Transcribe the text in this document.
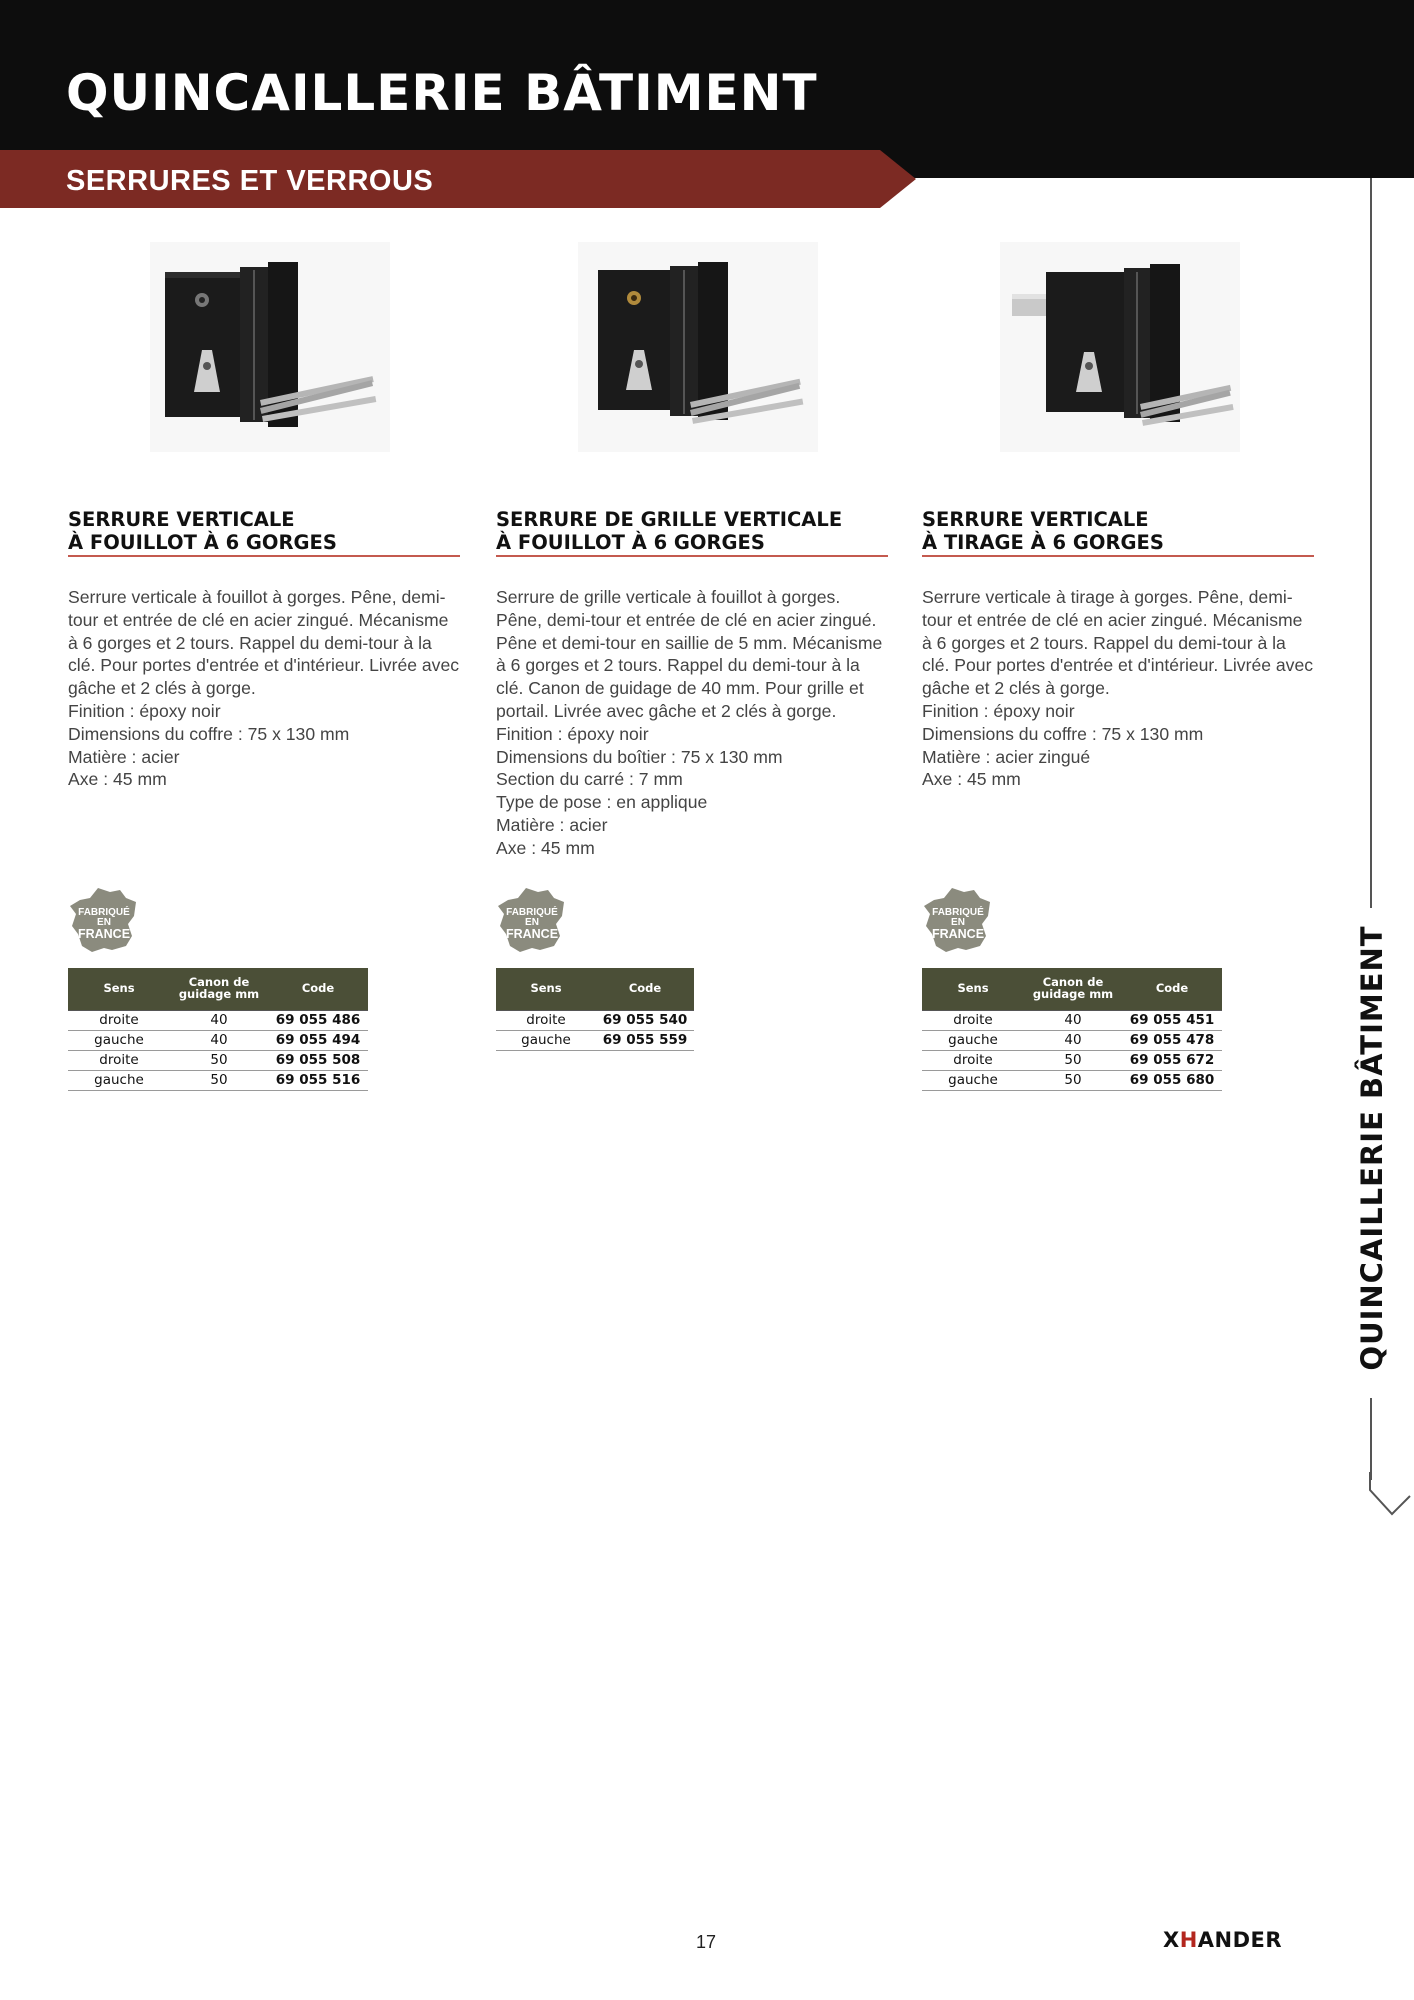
QUINCAILLERIE BÂTIMENT
SERRURES ET VERROUS
SERRURE VERTICALE
À FOUILLOT À 6 GORGES
Serrure verticale à fouillot à gorges. Pêne, demi-tour et entrée de clé en acier zingué. Mécanisme à 6 gorges et 2 tours. Rappel du demi-tour à la clé. Pour portes d'entrée et d'intérieur. Livrée avec gâche et 2 clés à gorge.
Finition : époxy noir
Dimensions du coffre : 75 x 130 mm
Matière : acier
Axe : 45 mm
FABRIQUÉ
EN
FRANCE
Sens	Canon de guidage mm	Code
droite	40	69 055 486
gauche	40	69 055 494
droite	50	69 055 508
gauche	50	69 055 516
SERRURE DE GRILLE VERTICALE
À FOUILLOT À 6 GORGES
Serrure de grille verticale à fouillot à gorges. Pêne, demi-tour et entrée de clé en acier zingué. Pêne et demi-tour en saillie de 5 mm. Mécanisme à 6 gorges et 2 tours. Rappel du demi-tour à la clé. Canon de guidage de 40 mm. Pour grille et portail. Livrée avec gâche et 2 clés à gorge.
Finition : époxy noir
Dimensions du boîtier : 75 x 130 mm
Section du carré : 7 mm
Type de pose : en applique
Matière : acier
Axe : 45 mm
FABRIQUÉ
EN
FRANCE
Sens	Code
droite	69 055 540
gauche	69 055 559
SERRURE VERTICALE
À TIRAGE À 6 GORGES
Serrure verticale à tirage à gorges. Pêne, demi-tour et entrée de clé en acier zingué. Mécanisme à 6 gorges et 2 tours. Rappel du demi-tour à la clé. Pour portes d'entrée et d'intérieur. Livrée avec gâche et 2 clés à gorge.
Finition : époxy noir
Dimensions du coffre : 75 x 130 mm
Matière : acier zingué
Axe : 45 mm
FABRIQUÉ
EN
FRANCE
Sens	Canon de guidage mm	Code
droite	40	69 055 451
gauche	40	69 055 478
droite	50	69 055 672
gauche	50	69 055 680	QUINCAILLERIE BÂTIMENT
17	XHANDER
